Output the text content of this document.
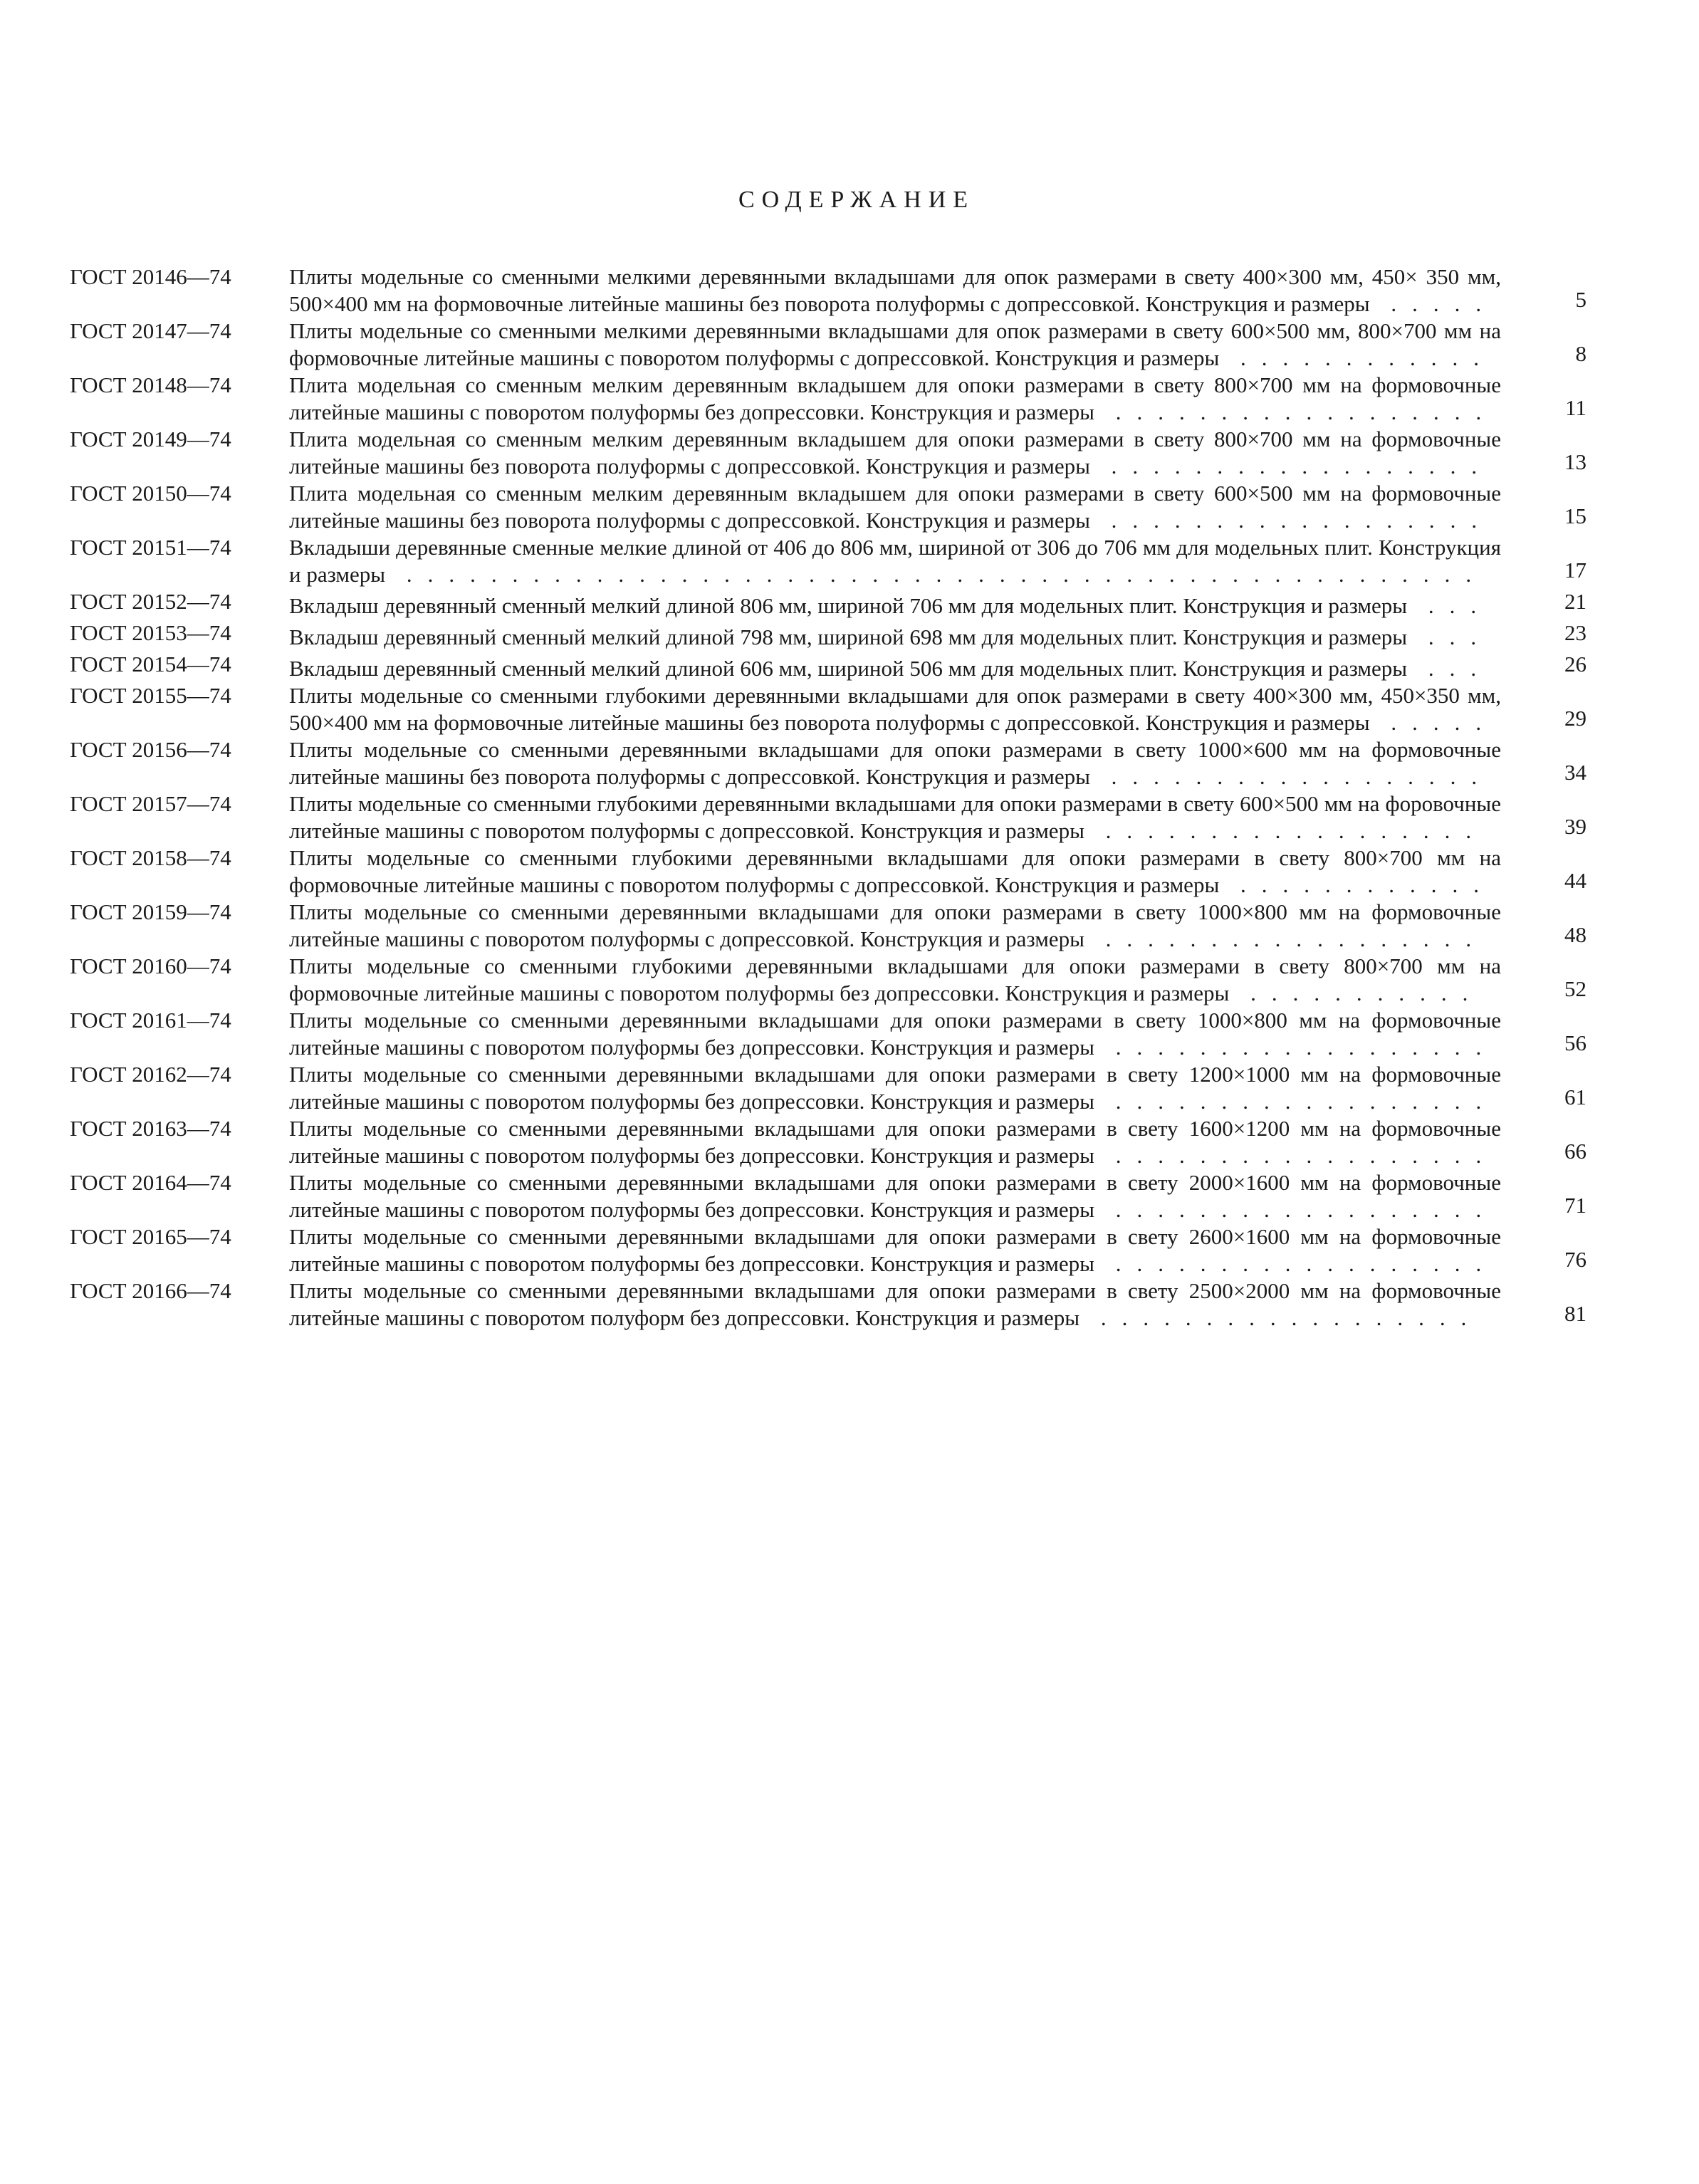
СОДЕРЖАНИЕ
ГОСТ 20146—74	Плиты модельные со сменными мелкими деревянными вкладышами для опок размерами в свету 400×300 мм, 450× 350 мм, 500×400 мм на формовочные литейные машины без поворота полуформы с допрессовкой. Конструкция и размеры .....	5
ГОСТ 20147—74	Плиты модельные со сменными мелкими деревянными вкладышами для опок размерами в свету 600×500 мм, 800×700 мм на формовочные литейные машины с поворотом полуформы с допрессовкой. Конструкция и размеры ............	8
ГОСТ 20148—74	Плита модельная со сменным мелким деревянным вкладышем для опоки размерами в свету 800×700 мм на формовочные литейные машины с поворотом полуформы без допрессовки. Конструкция и размеры ..................	11
ГОСТ 20149—74	Плита модельная со сменным мелким деревянным вкладышем для опоки размерами в свету 800×700 мм на формовочные литейные машины без поворота полуформы с допрессовкой. Конструкция и размеры ..................	13
ГОСТ 20150—74	Плита модельная со сменным мелким деревянным вкладышем для опоки размерами в свету 600×500 мм на формовочные литейные машины без поворота полуформы с допрессовкой. Конструкция и размеры ..................	15
ГОСТ 20151—74	Вкладыши деревянные сменные мелкие длиной от 406 до 806 мм, шириной от 306 до 706 мм для модельных плит. Конструкция и размеры ...................................................	17
ГОСТ 20152—74	Вкладыш деревянный сменный мелкий длиной 806 мм, шириной 706 мм для модельных плит. Конструкция и размеры ...	21
ГОСТ 20153—74	Вкладыш деревянный сменный мелкий длиной 798 мм, шириной 698 мм для модельных плит. Конструкция и размеры ...	23
ГОСТ 20154—74	Вкладыш деревянный сменный мелкий длиной 606 мм, шириной 506 мм для модельных плит. Конструкция и размеры ...	26
ГОСТ 20155—74	Плиты модельные со сменными глубокими деревянными вкладышами для опок размерами в свету 400×300 мм, 450×350 мм, 500×400 мм на формовочные литейные машины без поворота полуформы с допрессовкой. Конструкция и размеры .....	29
ГОСТ 20156—74	Плиты модельные со сменными деревянными вкладышами для опоки размерами в свету 1000×600 мм на формовочные литейные машины без поворота полуформы с допрессовкой. Конструкция и размеры ..................	34
ГОСТ 20157—74	Плиты модельные со сменными глубокими деревянными вкладышами для опоки размерами в свету 600×500 мм на форовочные литейные машины с поворотом полуформы с допрессовкой. Конструкция и размеры ..................	39
ГОСТ 20158—74	Плиты модельные со сменными глубокими деревянными вкладышами для опоки размерами в свету 800×700 мм на формовочные литейные машины с поворотом полуформы с допрессовкой. Конструкция и размеры ............	44
ГОСТ 20159—74	Плиты модельные со сменными деревянными вкладышами для опоки размерами в свету 1000×800 мм на формовочные литейные машины с поворотом полуформы с допрессовкой. Конструкция и размеры ..................	48
ГОСТ 20160—74	Плиты модельные со сменными глубокими деревянными вкладышами для опоки размерами в свету 800×700 мм на формовочные литейные машины с поворотом полуформы без допрессовки. Конструкция и размеры ...........	52
ГОСТ 20161—74	Плиты модельные со сменными деревянными вкладышами для опоки размерами в свету 1000×800 мм на формовочные литейные машины с поворотом полуформы без допрессовки. Конструкция и размеры ..................	56
ГОСТ 20162—74	Плиты модельные со сменными деревянными вкладышами для опоки размерами в свету 1200×1000 мм на формовочные литейные машины с поворотом полуформы без допрессовки. Конструкция и размеры ..................	61
ГОСТ 20163—74	Плиты модельные со сменными деревянными вкладышами для опоки размерами в свету 1600×1200 мм на формовочные литейные машины с поворотом полуформы без допрессовки. Конструкция и размеры ..................	66
ГОСТ 20164—74	Плиты модельные со сменными деревянными вкладышами для опоки размерами в свету 2000×1600 мм на формовочные литейные машины с поворотом полуформы без допрессовки. Конструкция и размеры ..................	71
ГОСТ 20165—74	Плиты модельные со сменными деревянными вкладышами для опоки размерами в свету 2600×1600 мм на формовочные литейные машины с поворотом полуформы без допрессовки. Конструкция и размеры ..................	76
ГОСТ 20166—74	Плиты модельные со сменными деревянными вкладышами для опоки размерами в свету 2500×2000 мм на формовочные литейные машины с поворотом полуформ без допрессовки. Конструкция и размеры ..................	81
